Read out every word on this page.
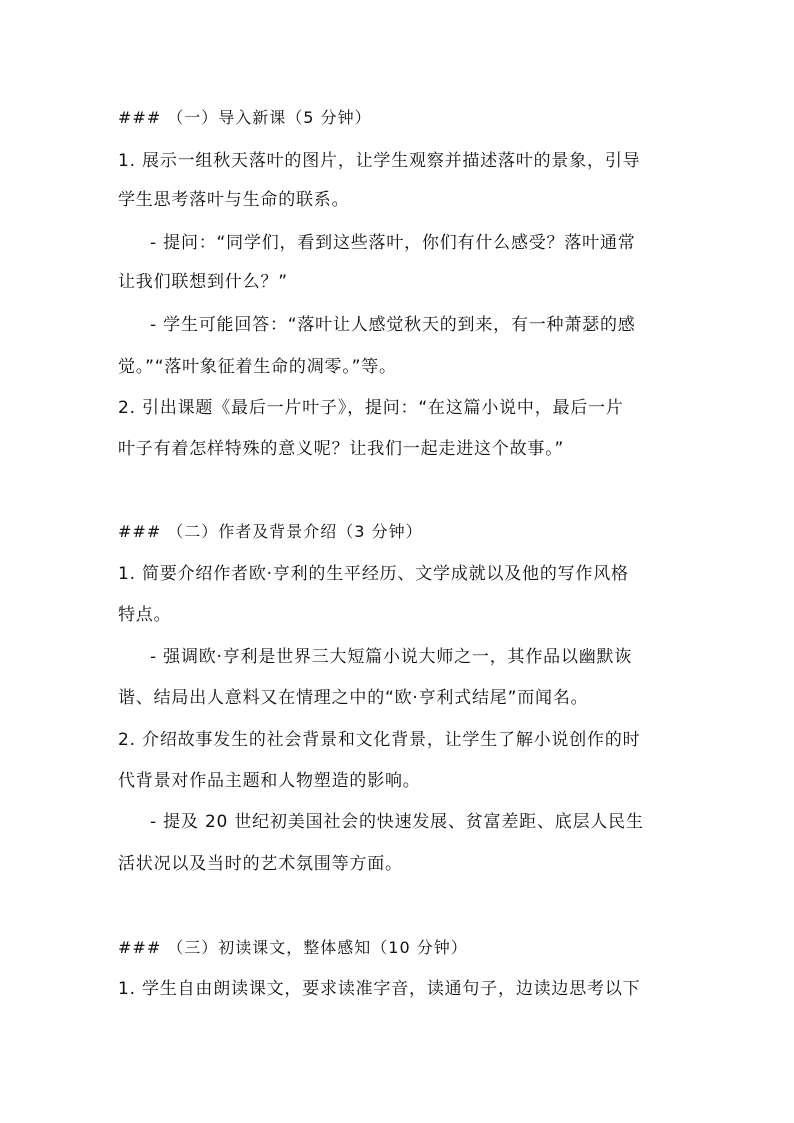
### （一）导入新课（5 分钟）
1. 展示一组秋天落叶的图片，让学生观察并描述落叶的景象，引导
学生思考落叶与生命的联系。
- 提问：“同学们，看到这些落叶，你们有什么感受？落叶通常
让我们联想到什么？”
- 学生可能回答：“落叶让人感觉秋天的到来，有一种萧瑟的感
觉。”“落叶象征着生命的凋零。”等。
2. 引出课题《最后一片叶子》，提问：“在这篇小说中，最后一片
叶子有着怎样特殊的意义呢？让我们一起走进这个故事。”
### （二）作者及背景介绍（3 分钟）
1. 简要介绍作者欧·亨利的生平经历、文学成就以及他的写作风格
特点。
- 强调欧·亨利是世界三大短篇小说大师之一，其作品以幽默诙
谐、结局出人意料又在情理之中的“欧·亨利式结尾”而闻名。
2. 介绍故事发生的社会背景和文化背景，让学生了解小说创作的时
代背景对作品主题和人物塑造的影响。
- 提及 20 世纪初美国社会的快速发展、贫富差距、底层人民生
活状况以及当时的艺术氛围等方面。
### （三）初读课文，整体感知（10 分钟）
1. 学生自由朗读课文，要求读准字音，读通句子，边读边思考以下
